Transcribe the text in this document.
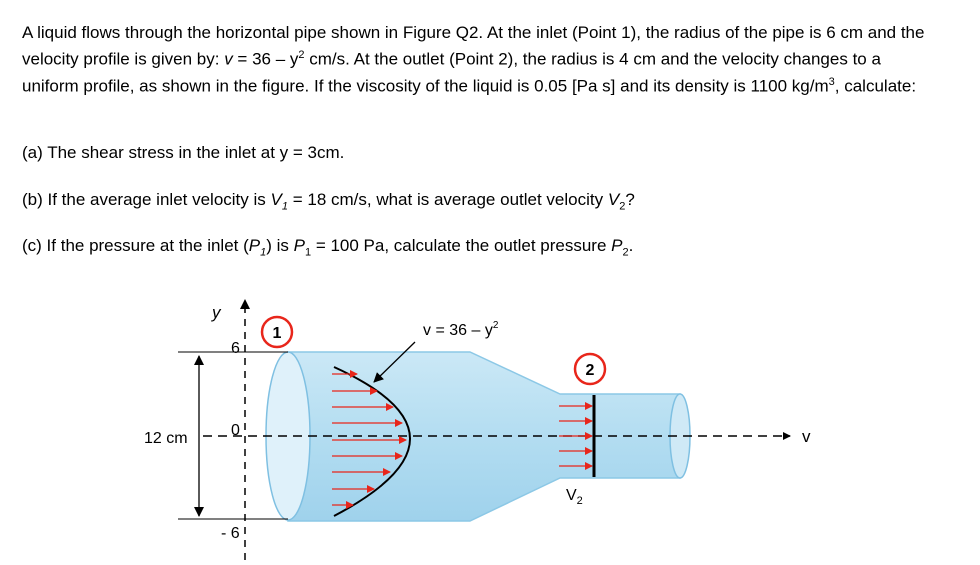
A liquid flows through the horizontal pipe shown in Figure Q2. At the inlet (Point 1), the radius of the pipe is 6 cm and the velocity profile is given by: $v = 36 - y^2$ cm/s. At the outlet (Point 2), the radius is 4 cm and the velocity changes to a uniform profile, as shown in the figure. If the viscosity of the liquid is 0.05 [Pa s] and its density is 1100 $kg/m^3$, calculate:

(a) The shear stress in the inlet at y = 3cm.
(b) If the average inlet velocity is $V_1 = 18$ cm/s, what is average outlet velocity $V_2$?
(c) If the pressure at the inlet $(P_1)$ is $P_1 = 100$ Pa, calculate the outlet pressure $P_2$.
y
6
0
- 6
12 cm	v
1
2
$v = 36 - y^2$
$V_2$
